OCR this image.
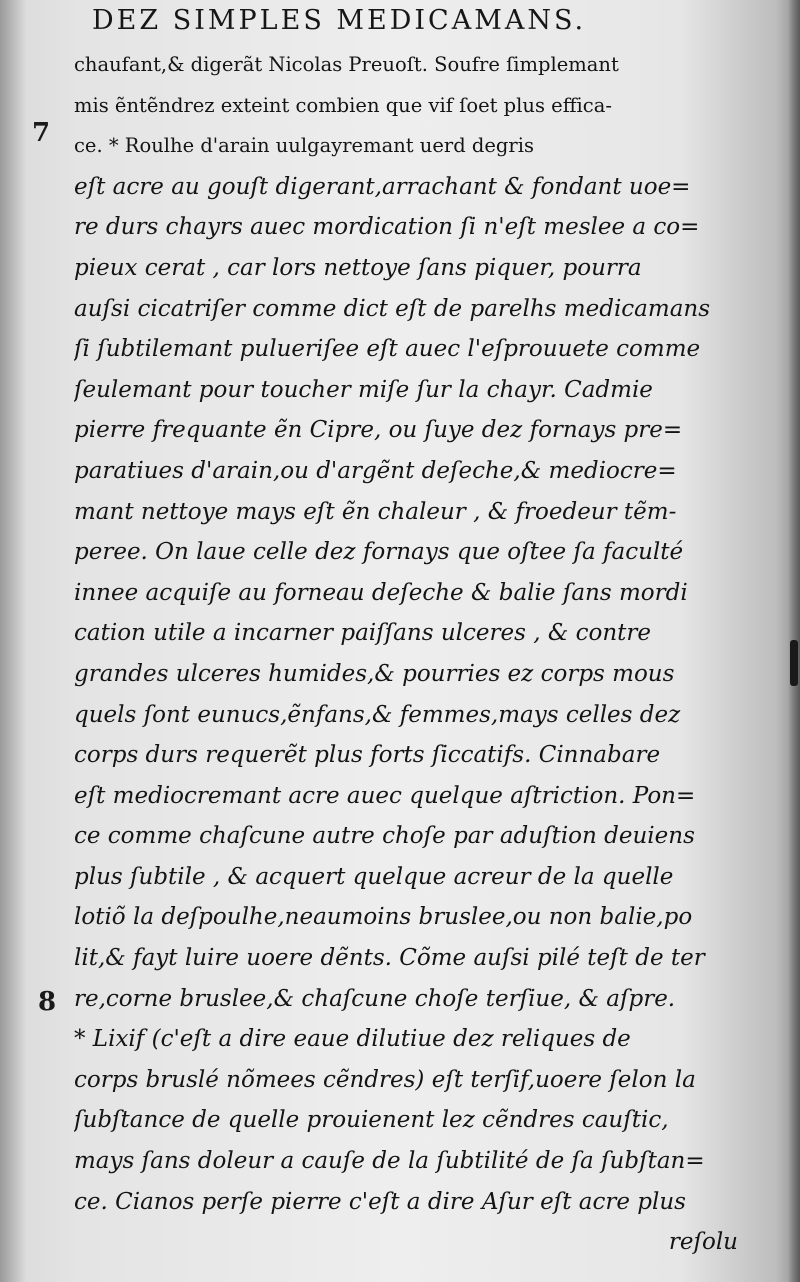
DEZ SIMPLES MEDICAMANS.
7
8
chaufant,& digerãt Nicolas Preuoſt. Soufre ſimplemant
mis ẽntẽndrez exteint combien que vif ſoet plus effica-
ce. * Roulhe d'arain uulgayremant uerd degris
eſt acre au gouſt digerant,arrachant & fondant uoe=
re durs chayrs auec mordication ſi n'eſt meslee a co=
pieux cerat , car lors nettoye ſans piquer, pourra
auſsi cicatriſer comme dict eſt de parelhs medicamans
ſi ſubtilemant pulueriſee eſt auec l'eſprouuete comme
ſeulemant pour toucher miſe ſur la chayr. Cadmie
pierre frequante ẽn Cipre, ou ſuye dez fornays pre=
paratiues d'arain,ou d'argẽnt deſeche,& mediocre=
mant nettoye mays eſt ẽn chaleur , & froedeur tẽm-
peree. On laue celle dez fornays que oſtee ſa faculté
innee acquiſe au forneau deſeche & balie ſans mordi
cation utile a incarner paiſſans ulceres , & contre
grandes ulceres humides,& pourries ez corps mous
quels ſont eunucs,ẽnfans,& femmes,mays celles dez
corps durs requerẽt plus forts ſiccatifs. Cinnabare
eſt mediocremant acre auec quelque aſtriction. Pon=
ce comme chaſcune autre choſe par aduſtion deuiens
plus ſubtile , & acquert quelque acreur de la quelle
lotiõ la deſpoulhe,neaumoins bruslee,ou non balie,po
lit,& fayt luire uoere dẽnts. Cõme auſsi pilé teſt de ter
re,corne bruslee,& chaſcune choſe terſiue, & aſpre.
* Lixif (c'eſt a dire eaue dilutiue dez reliques de
corps bruslé nõmees cẽndres) eſt terſif,uoere ſelon la
ſubſtance de quelle prouienent lez cẽndres cauſtic,
mays ſans doleur a cauſe de la ſubtilité de ſa ſubſtan=
ce. Cianos perſe pierre c'eſt a dire Aſur eſt acre plus
reſolu
